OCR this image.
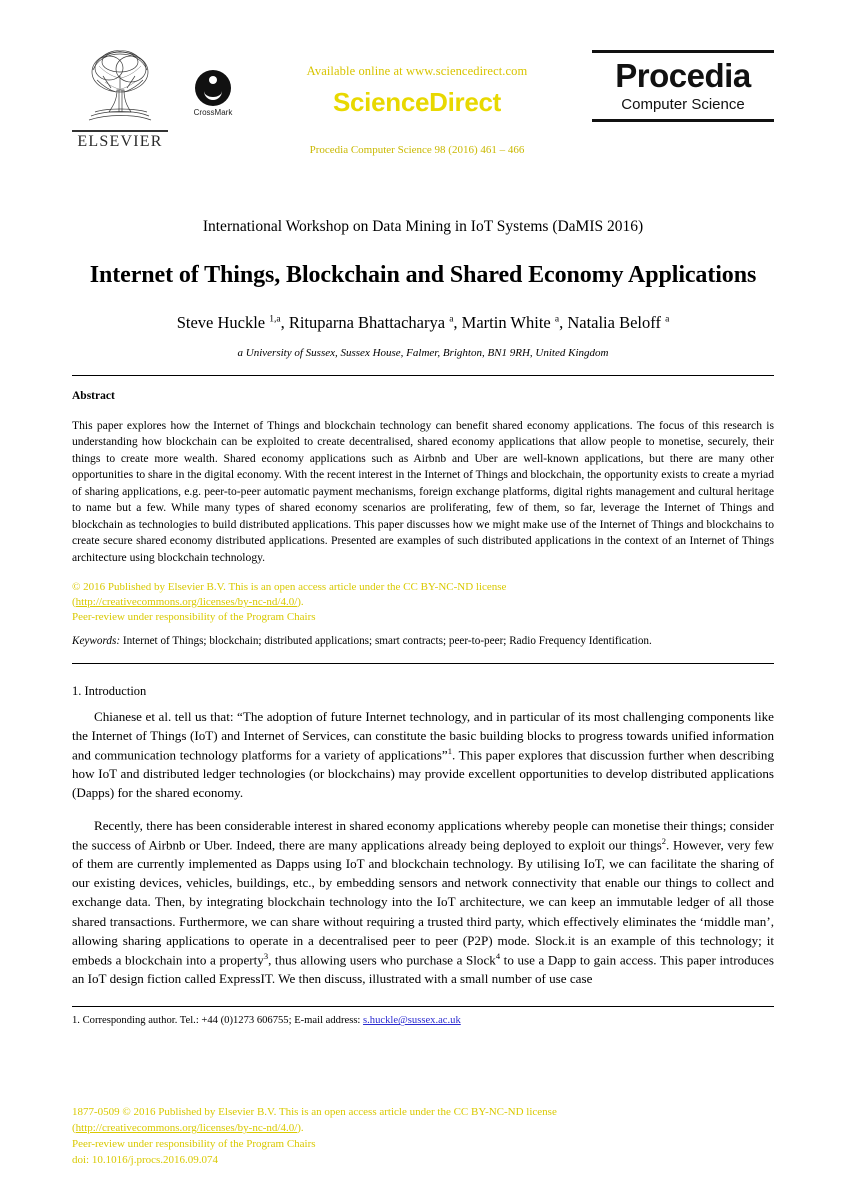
ELSEVIER
CrossMark
Available online at www.sciencedirect.com
ScienceDirect
Procedia Computer Science 98 (2016) 461 – 466
Procedia
Computer Science
International Workshop on Data Mining in IoT Systems (DaMIS 2016)
Internet of Things, Blockchain and Shared Economy Applications
Steve Huckle $^{1,a}$, Rituparna Bhattacharya $^a$, Martin White $^a$, Natalia Beloff $^a$
a University of Sussex, Sussex House, Falmer, Brighton, BN1 9RH, United Kingdom
Abstract
This paper explores how the Internet of Things and blockchain technology can benefit shared economy applications. The focus of this research is understanding how blockchain can be exploited to create decentralised, shared economy applications that allow people to monetise, securely, their things to create more wealth. Shared economy applications such as Airbnb and Uber are well-known applications, but there are many other opportunities to share in the digital economy. With the recent interest in the Internet of Things and blockchain, the opportunity exists to create a myriad of sharing applications, e.g. peer-to-peer automatic payment mechanisms, foreign exchange platforms, digital rights management and cultural heritage to name but a few. While many types of shared economy scenarios are proliferating, few of them, so far, leverage the Internet of Things and blockchain as technologies to build distributed applications. This paper discusses how we might make use of the Internet of Things and blockchains to create secure shared economy distributed applications. Presented are examples of such distributed applications in the context of an Internet of Things architecture using blockchain technology.
© 2016 Published by Elsevier B.V. This is an open access article under the CC BY-NC-ND license
(http://creativecommons.org/licenses/by-nc-nd/4.0/).
Peer-review under responsibility of the Program Chairs
Keywords: Internet of Things; blockchain; distributed applications; smart contracts; peer-to-peer; Radio Frequency Identification.
1. Introduction

Chianese et al. tell us that: “The adoption of future Internet technology, and in particular of its most challenging components like the Internet of Things (IoT) and Internet of Services, can constitute the basic building blocks to progress towards unified information and communication technology platforms for a variety of applications”$^1$. This paper explores that discussion further when describing how IoT and distributed ledger technologies (or blockchains) may provide excellent opportunities to develop distributed applications (Dapps) for the shared economy.

Recently, there has been considerable interest in shared economy applications whereby people can monetise their things; consider the success of Airbnb or Uber. Indeed, there are many applications already being deployed to exploit our things$^2$. However, very few of them are currently implemented as Dapps using IoT and blockchain technology. By utilising IoT, we can facilitate the sharing of our existing devices, vehicles, buildings, etc., by embedding sensors and network connectivity that enable our things to collect and exchange data. Then, by integrating blockchain technology into the IoT architecture, we can keep an immutable ledger of all those shared transactions. Furthermore, we can share without requiring a trusted third party, which effectively eliminates the ‘middle man’, allowing sharing applications to operate in a decentralised peer to peer (P2P) mode. Slock.it is an example of this technology; it embeds a blockchain into a property$^3$, thus allowing users who purchase a Slock$^4$ to use a Dapp to gain access. This paper introduces an IoT design fiction called ExpressIT. We then discuss, illustrated with a small number of use case

1. Corresponding author. Tel.: +44 (0)1273 606755; E-mail address: s.huckle@sussex.ac.uk
1877-0509 © 2016 Published by Elsevier B.V. This is an open access article under the CC BY-NC-ND license
(http://creativecommons.org/licenses/by-nc-nd/4.0/).
Peer-review under responsibility of the Program Chairs
doi: 10.1016/j.procs.2016.09.074
